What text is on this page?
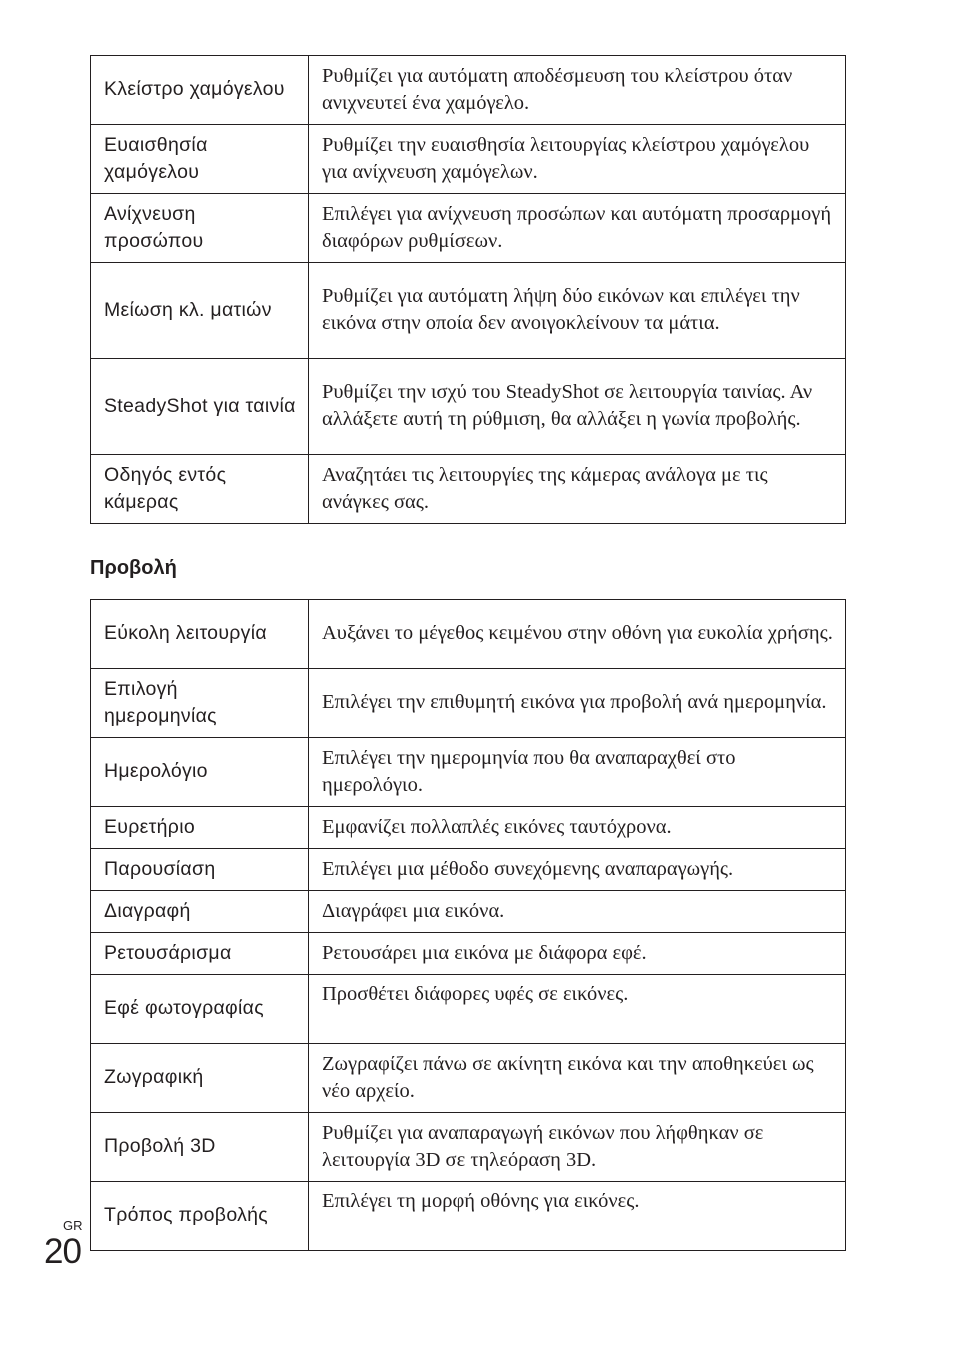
Κλείστρο χαμόγελου	Ρυθμίζει για αυτόματη αποδέσμευση του κλείστρου όταν ανιχνευτεί ένα χαμόγελο.
Ευαισθησία χαμόγελου	Ρυθμίζει την ευαισθησία λειτουργίας κλείστρου χαμόγελου για ανίχνευση χαμόγελων.
Ανίχνευση προσώπου	Επιλέγει για ανίχνευση προσώπων και αυτόματη προσαρμογή διαφόρων ρυθμίσεων.
Μείωση κλ. ματιών	Ρυθμίζει για αυτόματη λήψη δύο εικόνων και επιλέγει την εικόνα στην οποία δεν ανοιγοκλείνουν τα μάτια.
SteadyShot για ταινία	Ρυθμίζει την ισχύ του SteadyShot σε λειτουργία ταινίας. Αν αλλάξετε αυτή τη ρύθμιση, θα αλλάξει η γωνία προβολής.
Οδηγός εντός κάμερας	Αναζητάει τις λειτουργίες της κάμερας ανάλογα με τις ανάγκες σας.
Προβολή
Εύκολη λειτουργία	Αυξάνει το μέγεθος κειμένου στην οθόνη για ευκολία χρήσης.
Επιλογή ημερομηνίας	Επιλέγει την επιθυμητή εικόνα για προβολή ανά ημερομηνία.
Ημερολόγιο	Επιλέγει την ημερομηνία που θα αναπαραχθεί στο ημερολόγιο.
Ευρετήριο	Εμφανίζει πολλαπλές εικόνες ταυτόχρονα.
Παρουσίαση	Επιλέγει μια μέθοδο συνεχόμενης αναπαραγωγής.
Διαγραφή	Διαγράφει μια εικόνα.
Ρετουσάρισμα	Ρετουσάρει μια εικόνα με διάφορα εφέ.
Εφέ φωτογραφίας	Προσθέτει διάφορες υφές σε εικόνες.
Ζωγραφική	Ζωγραφίζει πάνω σε ακίνητη εικόνα και την αποθηκεύει ως νέο αρχείο.
Προβολή 3D	Ρυθμίζει για αναπαραγωγή εικόνων που λήφθηκαν σε λειτουργία 3D σε τηλεόραση 3D.
Τρόπος προβολής	Επιλέγει τη μορφή οθόνης για εικόνες.
GR
20
